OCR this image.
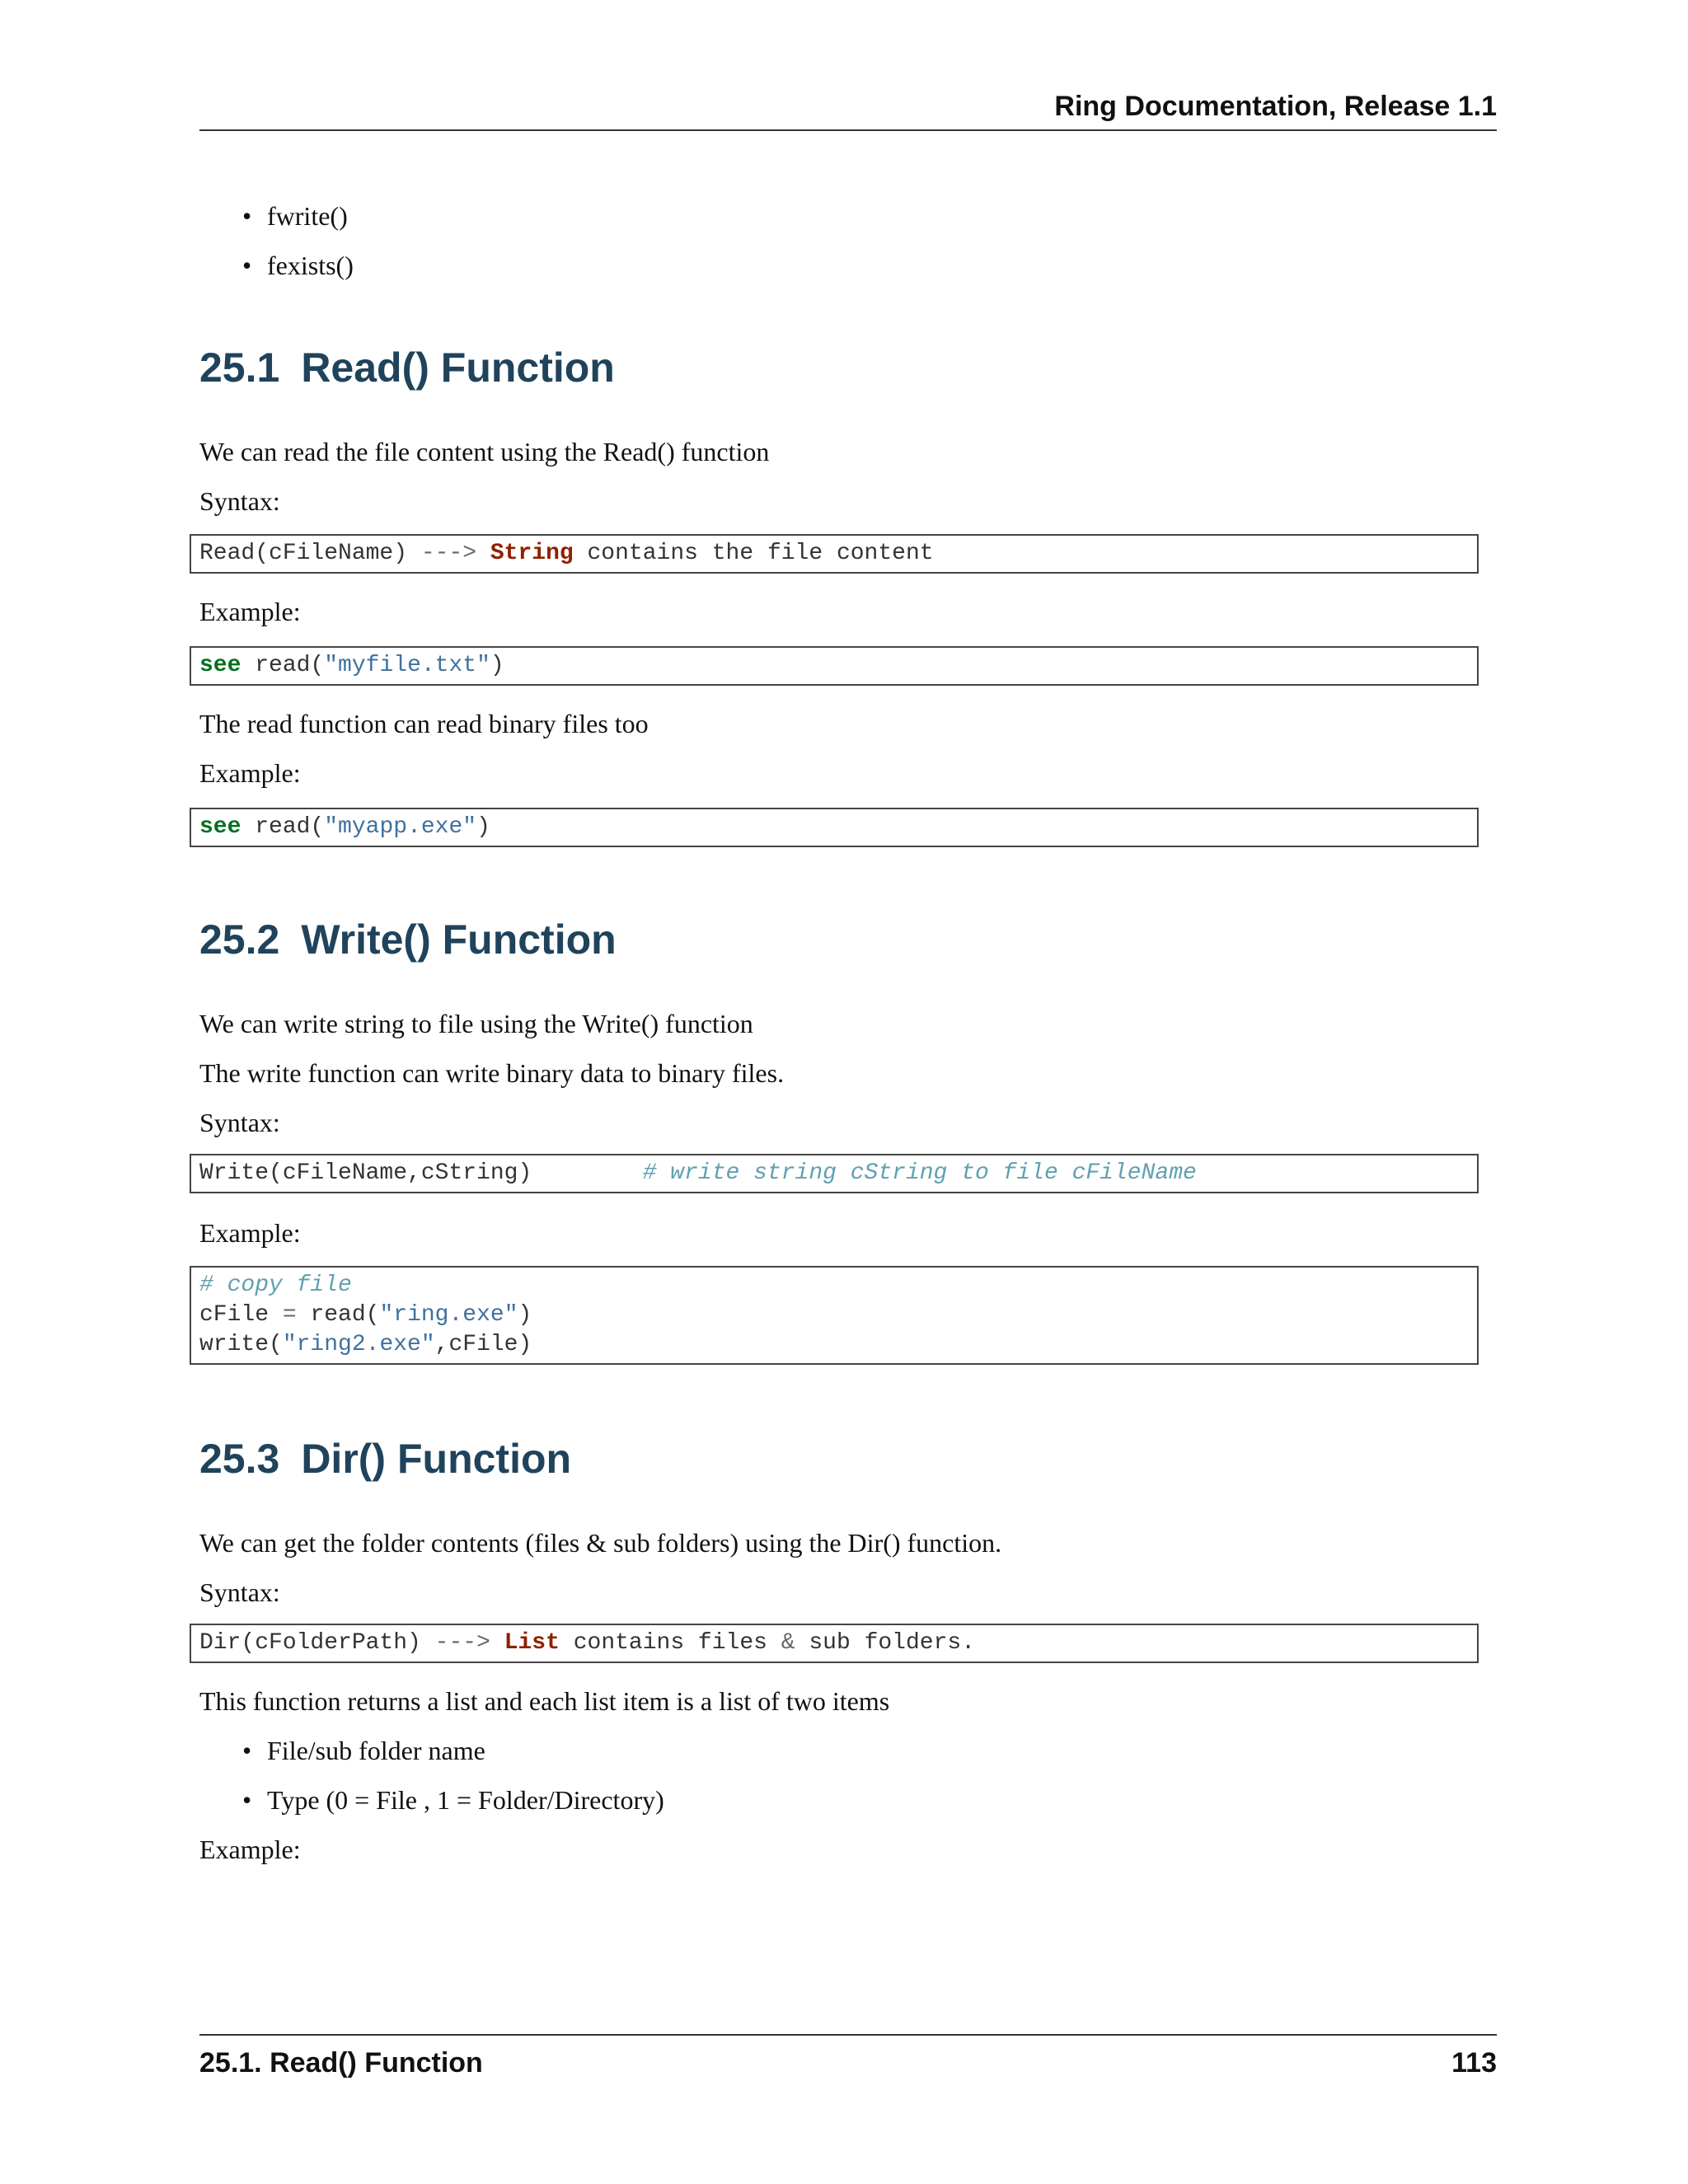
Ring Documentation, Release 1.1
• fwrite()
• fexists()
25.1 Read() Function
We can read the file content using the Read() function
Syntax:
Read(cFileName) ---> String contains the file content
Example:
see read("myfile.txt")
The read function can read binary files too
Example:
see read("myapp.exe")
25.2 Write() Function
We can write string to file using the Write() function
The write function can write binary data to binary files.
Syntax:
Write(cFileName,cString)	# write string cString to file cFileName
Example:
# copy file
cFile = read("ring.exe")
write("ring2.exe",cFile)
25.3 Dir() Function
We can get the folder contents (files & sub folders) using the Dir() function.
Syntax:
Dir(cFolderPath) ---> List contains files & sub folders.
This function returns a list and each list item is a list of two items
• File/sub folder name
• Type (0 = File , 1 = Folder/Directory)
Example:
25.1. Read() Function	113
